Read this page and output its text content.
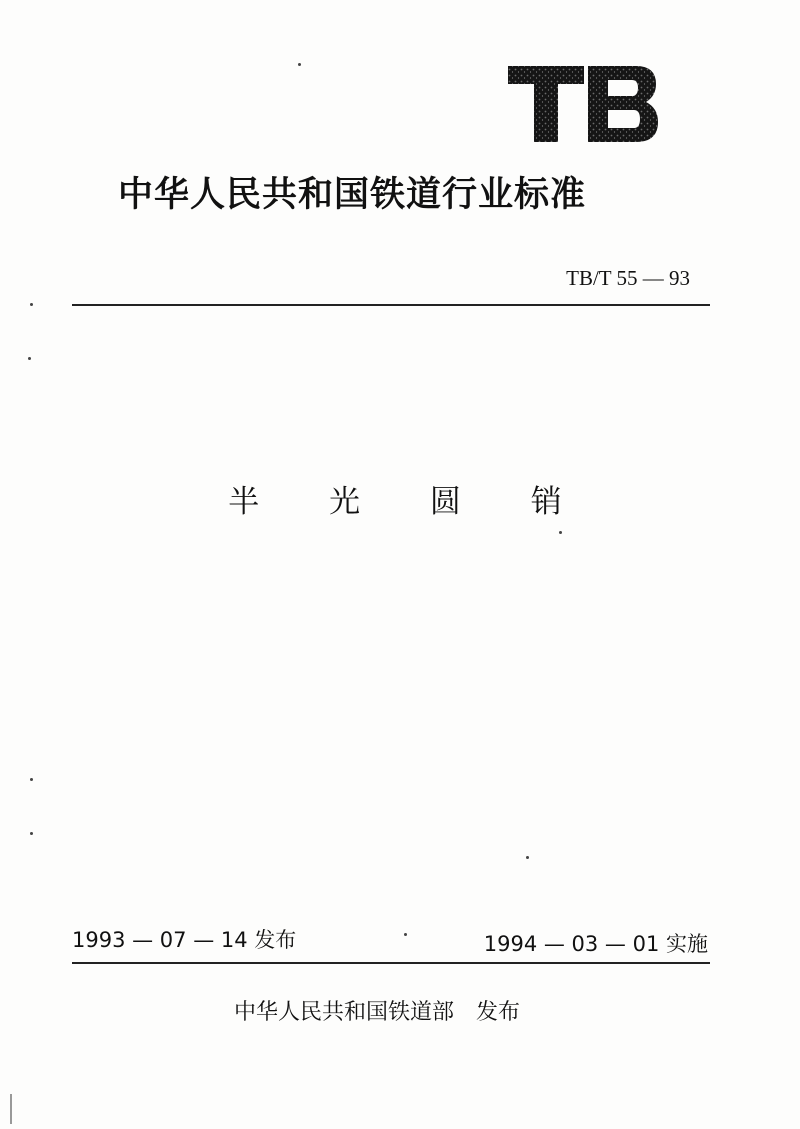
中华人民共和国铁道行业标准
TB/T 55 — 93
半 光 圆 销
1993 — 07 — 14 发布	1994 — 03 — 01 实施
中华人民共和国铁道部 发布
